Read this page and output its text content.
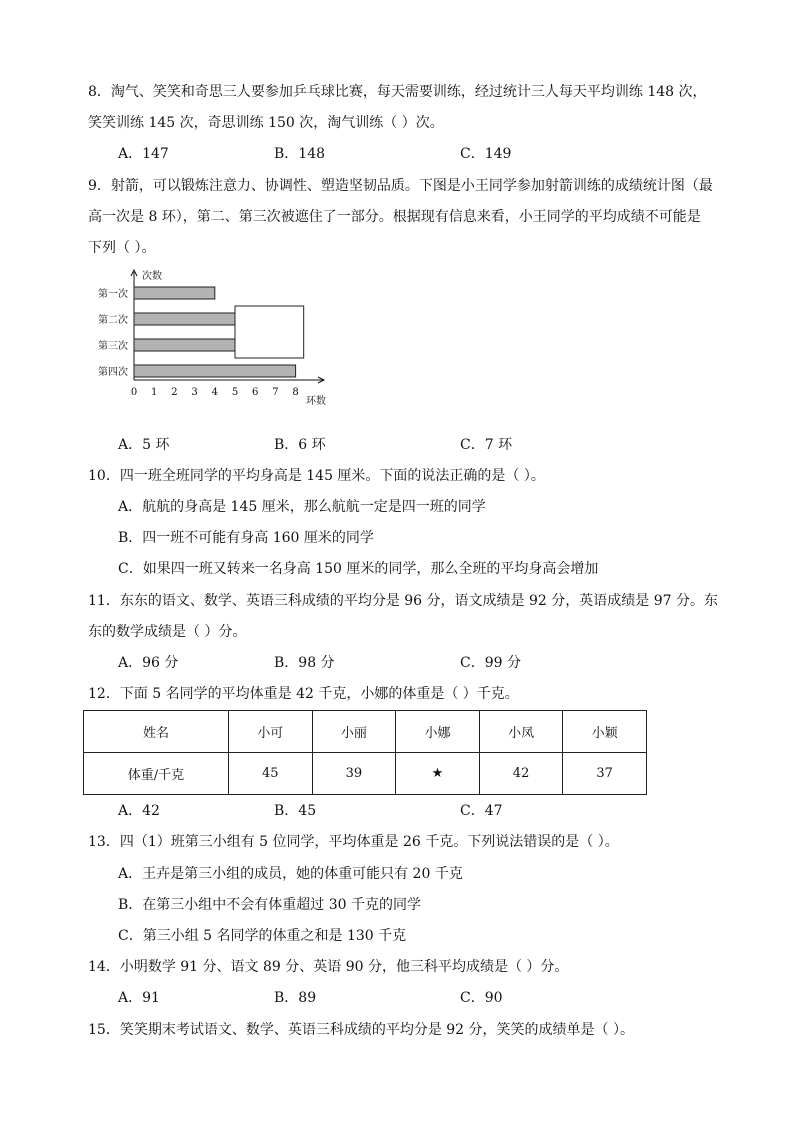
8．淘气、笑笑和奇思三人要参加乒乓球比赛，每天需要训练，经过统计三人每天平均训练 148 次，
笑笑训练 145 次，奇思训练 150 次，淘气训练（ ）次。
A．147	B．148	C．149
9．射箭，可以锻炼注意力、协调性、塑造坚韧品质。下图是小王同学参加射箭训练的成绩统计图（最
高一次是 8 环），第二、第三次被遮住了一部分。根据现有信息来看，小王同学的平均成绩不可能是
下列（ ）。
次数
环数
0 1 2 3 4 5 6 7 8
第一次
第二次
第三次
第四次
A．5 环	B．6 环	C．7 环
10．四一班全班同学的平均身高是 145 厘米。下面的说法正确的是（ ）。
A．航航的身高是 145 厘米，那么航航一定是四一班的同学
B．四一班不可能有身高 160 厘米的同学
C．如果四一班又转来一名身高 150 厘米的同学，那么全班的平均身高会增加
11．东东的语文、数学、英语三科成绩的平均分是 96 分，语文成绩是 92 分，英语成绩是 97 分。东
东的数学成绩是（ ）分。
A．96 分	B．98 分	C．99 分
12．下面 5 名同学的平均体重是 42 千克，小娜的体重是（ ）千克。
姓名	小可	小丽	小娜	小凤	小颖
体重/千克	45	39	★	42	37
A．42	B．45	C．47
13．四（1）班第三小组有 5 位同学，平均体重是 26 千克。下列说法错误的是（ ）。
A．王卉是第三小组的成员，她的体重可能只有 20 千克
B．在第三小组中不会有体重超过 30 千克的同学
C．第三小组 5 名同学的体重之和是 130 千克
14．小明数学 91 分、语文 89 分、英语 90 分，他三科平均成绩是（ ）分。
A．91	B．89	C．90
15．笑笑期末考试语文、数学、英语三科成绩的平均分是 92 分，笑笑的成绩单是（ ）。
